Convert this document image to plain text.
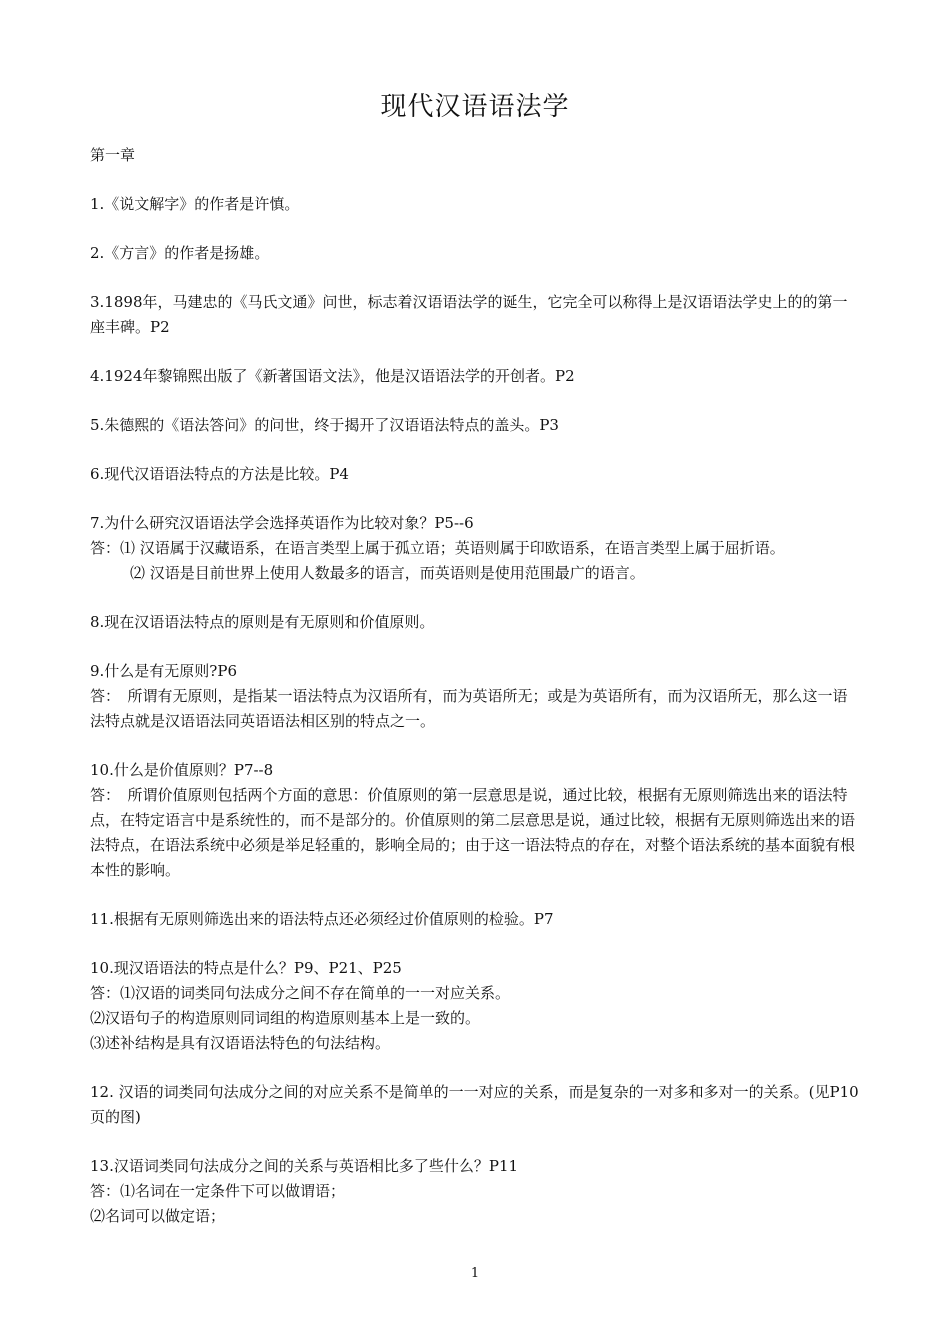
现代汉语语法学

第一章

1.《说文解字》的作者是许慎。

2.《方言》的作者是扬雄。

3.1898年，马建忠的《马氏文通》问世，标志着汉语语法学的诞生，它完全可以称得上是汉语语法学史上的的第一座丰碑。P2

4.1924年黎锦熙出版了《新著国语文法》，他是汉语语法学的开创者。P2

5.朱德熙的《语法答问》的问世，终于揭开了汉语语法特点的盖头。P3

6.现代汉语语法特点的方法是比较。P4

7.为什么研究汉语语法学会选择英语作为比较对象？P5--6

答：⑴ 汉语属于汉藏语系，在语言类型上属于孤立语；英语则属于印欧语系，在语言类型上属于屈折语。

⑵ 汉语是目前世界上使用人数最多的语言，而英语则是使用范围最广的语言。

8.现在汉语语法特点的原则是有无原则和价值原则。

9.什么是有无原则?P6

答：　所谓有无原则，是指某一语法特点为汉语所有，而为英语所无；或是为英语所有，而为汉语所无，那么这一语法特点就是汉语语法同英语语法相区别的特点之一。

10.什么是价值原则？P7--8

答：　所谓价值原则包括两个方面的意思：价值原则的第一层意思是说，通过比较，根据有无原则筛选出来的语法特点，在特定语言中是系统性的，而不是部分的。价值原则的第二层意思是说，通过比较，根据有无原则筛选出来的语法特点，在语法系统中必须是举足轻重的，影响全局的；由于这一语法特点的存在，对整个语法系统的基本面貌有根本性的影响。

11.根据有无原则筛选出来的语法特点还必须经过价值原则的检验。P7

10.现汉语语法的特点是什么？P9、P21、P25

答：⑴汉语的词类同句法成分之间不存在简单的一一对应关系。

⑵汉语句子的构造原则同词组的构造原则基本上是一致的。

⑶述补结构是具有汉语语法特色的句法结构。

12. 汉语的词类同句法成分之间的对应关系不是简单的一一对应的关系，而是复杂的一对多和多对一的关系。(见P10页的图)

13.汉语词类同句法成分之间的关系与英语相比多了些什么？P11

答：⑴名词在一定条件下可以做谓语；

⑵名词可以做定语；

1
